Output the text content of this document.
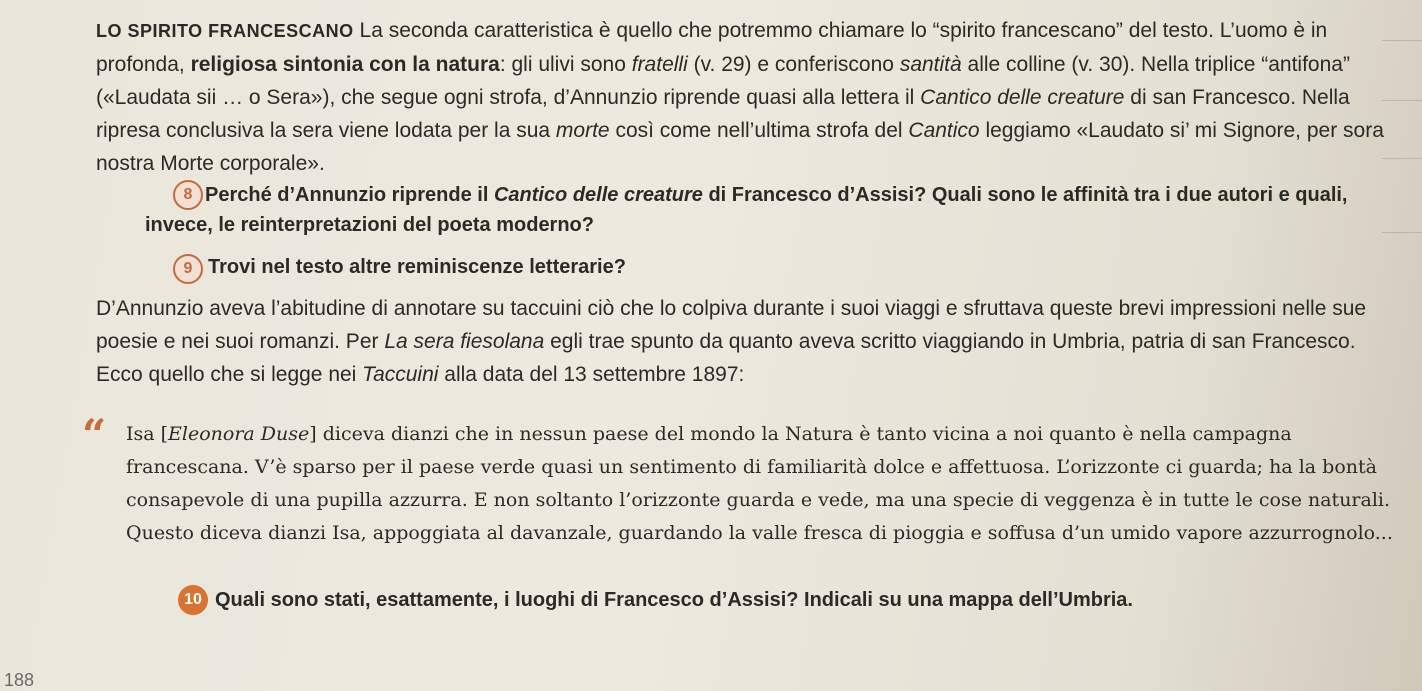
LO SPIRITO FRANCESCANO La seconda caratteristica è quello che potremmo chiamare lo “spirito francescano” del testo. L’uomo è in profonda, religiosa sintonia con la natura: gli ulivi sono fratelli (v. 29) e conferiscono santità alle colline (v. 30). Nella triplice “antifona” («Laudata sii … o Sera»), che segue ogni strofa, d’Annunzio riprende quasi alla lettera il Cantico delle creature di san Francesco. Nella ripresa conclusiva la sera viene lodata per la sua morte così come nell’ultima strofa del Cantico leggiamo «Laudato si’ mi Signore, per sora nostra Morte corporale».

8 Perché d’Annunzio riprende il Cantico delle creature di Francesco d’Assisi? Quali sono le affinità tra i due autori e quali, invece, le reinterpretazioni del poeta moderno?

9 Trovi nel testo altre reminiscenze letterarie?

D’Annunzio aveva l’abitudine di annotare su taccuini ciò che lo colpiva durante i suoi viaggi e sfruttava queste brevi impressioni nelle sue poesie e nei suoi romanzi. Per La sera fiesolana egli trae spunto da quanto aveva scritto viaggiando in Umbria, patria di san Francesco. Ecco quello che si legge nei Taccuini alla data del 13 settembre 1897:

“ Isa [Eleonora Duse] diceva dianzi che in nessun paese del mondo la Natura è tanto vicina a noi quanto è nella campagna francescana. V’è sparso per il paese verde quasi un sentimento di familiarità dolce e affettuosa. L’orizzonte ci guarda; ha la bontà consapevole di una pupilla azzurra. E non soltanto l’orizzonte guarda e vede, ma una specie di veggenza è in tutte le cose naturali. Questo diceva dianzi Isa, appoggiata al davanzale, guardando la valle fresca di pioggia e soffusa d’un umido vapore azzurrognolo...

10 Quali sono stati, esattamente, i luoghi di Francesco d’Assisi? Indicali su una mappa dell’Umbria.

188
